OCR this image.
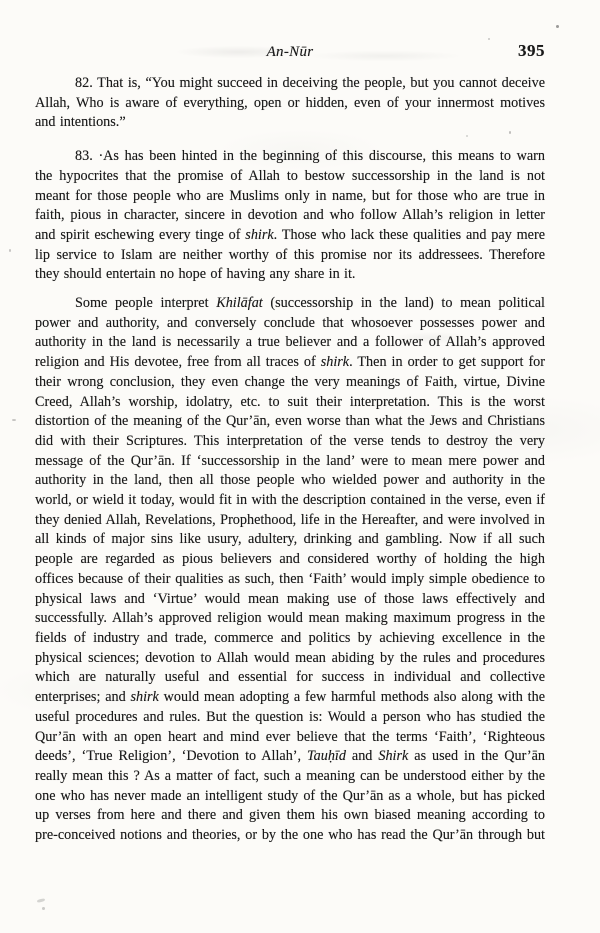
An-Nūr	395

82. That is, “You might succeed in deceiving the people, but you cannot deceive Allah, Who is aware of everything, open or hidden, even of your innermost motives and intentions.”

83. ·As has been hinted in the beginning of this discourse, this means to warn the hypocrites that the promise of Allah to bestow successorship in the land is not meant for those people who are Muslims only in name, but for those who are true in faith, pious in character, sincere in devotion and who follow Allah’s religion in letter and spirit eschewing every tinge of shirk. Those who lack these qualities and pay mere lip service to Islam are neither worthy of this promise nor its addressees. Therefore they should entertain no hope of having any share in it.

Some people interpret Khilāfat (successorship in the land) to mean political power and authority, and conversely conclude that whosoever possesses power and authority in the land is necessarily a true believer and a follower of Allah’s approved religion and His devotee, free from all traces of shirk. Then in order to get support for their wrong conclusion, they even change the very meanings of Faith, virtue, Divine Creed, Allah’s worship, idolatry, etc. to suit their interpretation. This is the worst distortion of the meaning of the Qur’ān, even worse than what the Jews and Christians did with their Scriptures. This interpretation of the verse tends to destroy the very message of the Qur’ān. If ‘successorship in the land’ were to mean mere power and authority in the land, then all those people who wielded power and authority in the world, or wield it today, would fit in with the description contained in the verse, even if they denied Allah, Revelations, Prophethood, life in the Hereafter, and were involved in all kinds of major sins like usury, adultery, drinking and gambling. Now if all such people are regarded as pious believers and considered worthy of holding the high offices because of their qualities as such, then ‘Faith’ would imply simple obedience to physical laws and ‘Virtue’ would mean making use of those laws effectively and successfully. Allah’s approved religion would mean making maximum progress in the fields of industry and trade, commerce and politics by achieving excellence in the physical sciences; devotion to Allah would mean abiding by the rules and procedures which are naturally useful and essential for success in individual and collective enterprises; and shirk would mean adopting a few harmful methods also along with the useful procedures and rules. But the question is: Would a person who has studied the Qur’ān with an open heart and mind ever believe that the terms ‘Faith’, ‘Righteous deeds’, ‘True Religion’, ‘Devotion to Allah’, Tauḥīd and Shirk as used in the Qur’ān really mean this ? As a matter of fact, such a meaning can be understood either by the one who has never made an intelligent study of the Qur’ān as a whole, but has picked up verses from here and there and given them his own biased meaning according to pre-conceived notions and theories, or by the one who has read the Qur’ān through but
